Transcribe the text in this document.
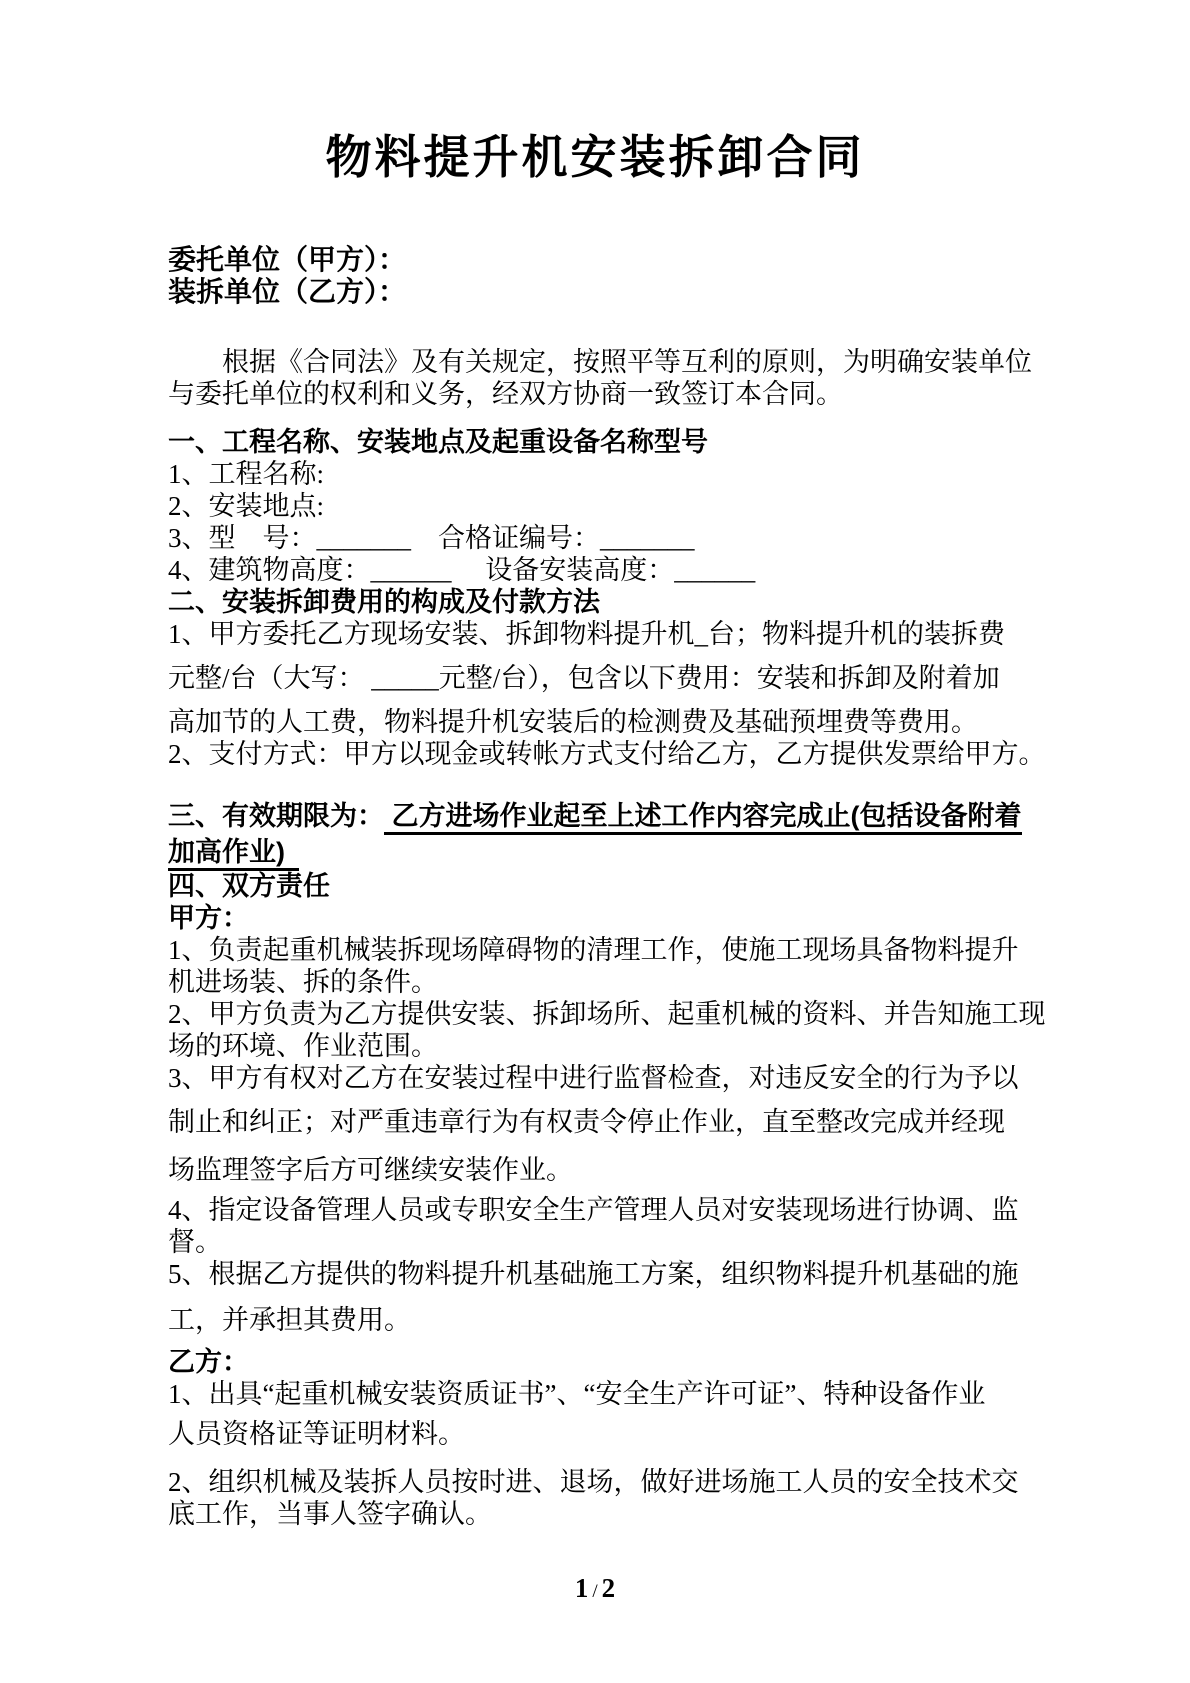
物料提升机安装拆卸合同
委托单位（甲方）：
装拆单位（乙方）：
根据《合同法》及有关规定，按照平等互利的原则，为明确安装单位
与委托单位的权利和义务，经双方协商一致签订本合同。
一、工程名称、安装地点及起重设备名称型号
1、工程名称:
2、安装地点:
3、型　号：_______　合格证编号：_______
4、建筑物高度：______　 设备安装高度：______
二、安装拆卸费用的构成及付款方法
1、甲方委托乙方现场安装、拆卸物料提升机_台；物料提升机的装拆费
元整/台（大写： _____元整/台），包含以下费用：安装和拆卸及附着加
高加节的人工费，物料提升机安装后的检测费及基础预埋费等费用。
2、支付方式：甲方以现金或转帐方式支付给乙方，乙方提供发票给甲方。
三、有效期限为： 乙方进场作业起至上述工作内容完成止(包括设备附着
加高作业)
四、双方责任
甲方：
1、负责起重机械装拆现场障碍物的清理工作，使施工现场具备物料提升
机进场装、拆的条件。
2、甲方负责为乙方提供安装、拆卸场所、起重机械的资料、并告知施工现
场的环境、作业范围。
3、甲方有权对乙方在安装过程中进行监督检查，对违反安全的行为予以
制止和纠正；对严重违章行为有权责令停止作业，直至整改完成并经现
场监理签字后方可继续安装作业。
4、指定设备管理人员或专职安全生产管理人员对安装现场进行协调、监
督。
5、根据乙方提供的物料提升机基础施工方案，组织物料提升机基础的施
工，并承担其费用。
乙方：
1、出具“起重机械安装资质证书”、“安全生产许可证”、特种设备作业
人员资格证等证明材料。
2、组织机械及装拆人员按时进、退场，做好进场施工人员的安全技术交
底工作，当事人签字确认。
1 / 2
